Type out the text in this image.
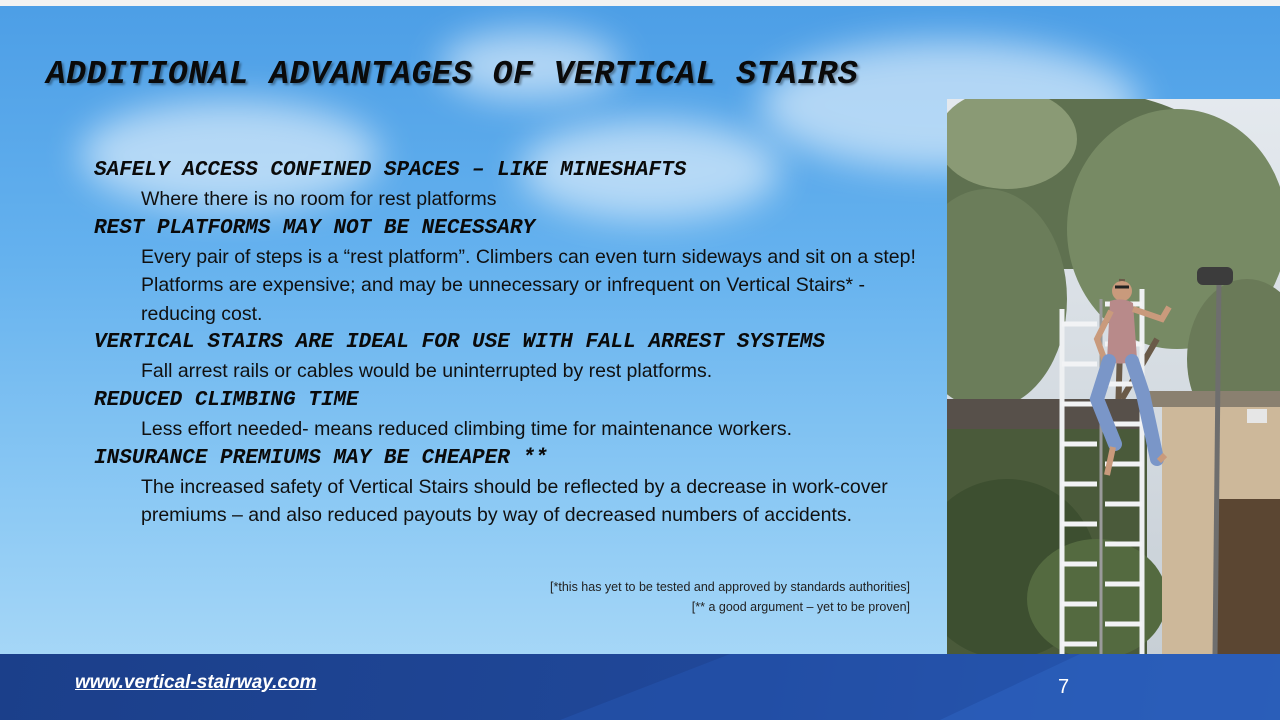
ADDITIONAL ADVANTAGES OF VERTICAL STAIRS
SAFELY ACCESS CONFINED SPACES – LIKE MINESHAFTS
Where there is no room for rest platforms
REST PLATFORMS MAY NOT BE NECESSARY
Every pair of steps is a “rest platform”. Climbers can even turn sideways and sit on a step! Platforms are expensive; and may be unnecessary or infrequent on Vertical Stairs* - reducing cost.
VERTICAL STAIRS ARE IDEAL FOR USE WITH FALL ARREST SYSTEMS
Fall arrest rails or cables would be uninterrupted by rest platforms.
REDUCED CLIMBING TIME
Less effort needed- means reduced climbing time for maintenance workers.
INSURANCE PREMIUMS MAY BE CHEAPER **
The increased safety of Vertical Stairs should be reflected by a decrease in work-cover premiums – and also reduced payouts by way of decreased numbers of accidents.
[*this has yet to be tested and approved by standards authorities]
[** a good argument – yet to be proven]
www.vertical-stairway.com	7
